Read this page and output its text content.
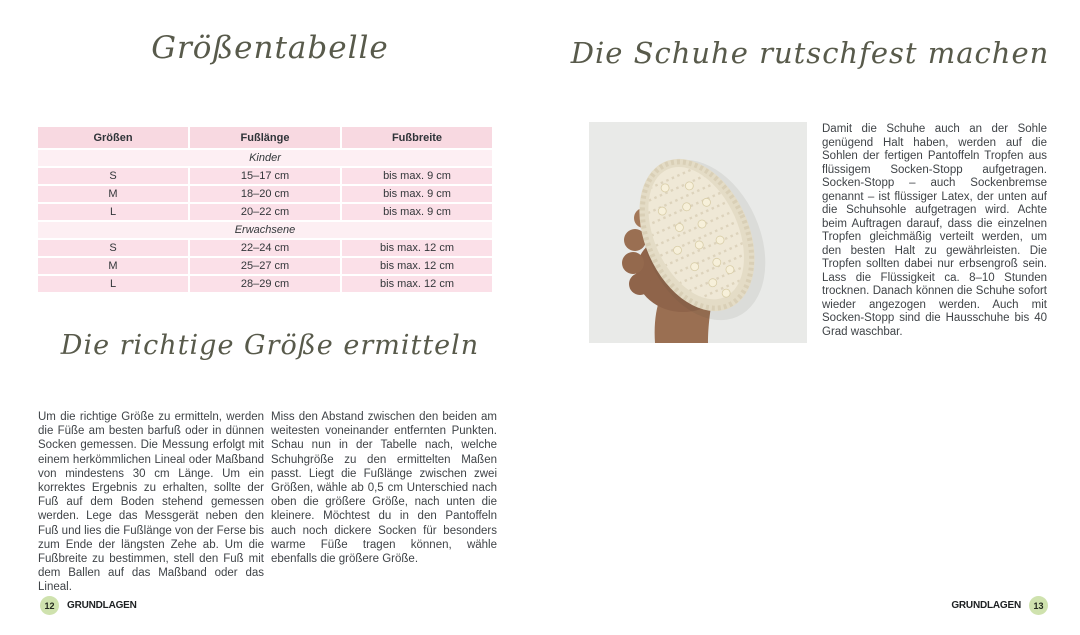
Größentabelle
Größen	Fußlänge	Fußbreite
Kinder
S	15–17 cm	bis max. 9 cm
M	18–20 cm	bis max. 9 cm
L	20–22 cm	bis max. 9 cm
Erwachsene
S	22–24 cm	bis max. 12 cm
M	25–27 cm	bis max. 12 cm
L	28–29 cm	bis max. 12 cm
Die richtige Größe ermitteln

Um die richtige Größe zu ermitteln, werden die Füße am besten barfuß oder in dünnen Socken gemessen. Die Messung erfolgt mit einem herkömmlichen Lineal oder Maßband von mindestens 30 cm Länge. Um ein korrektes Ergebnis zu erhalten, sollte der Fuß auf dem Boden stehend gemessen werden. Lege das Messgerät neben den Fuß und lies die Fußlänge von der Ferse bis zum Ende der längsten Zehe ab. Um die Fußbreite zu bestimmen, stell den Fuß mit dem Ballen auf das Maßband oder das Lineal.

Miss den Abstand zwischen den beiden am weitesten voneinander entfernten Punkten. Schau nun in der Tabelle nach, welche Schuhgröße zu den ermittelten Maßen passt. Liegt die Fußlänge zwischen zwei Größen, wähle ab 0,5 cm Unterschied nach oben die größere Größe, nach unten die kleinere. Möchtest du in den Pantoffeln auch noch dickere Socken für besonders warme Füße tragen können, wähle ebenfalls die größere Größe.

12	GRUNDLAGEN
Die Schuhe rutschfest machen

Damit die Schuhe auch an der Sohle genügend Halt haben, werden auf die Sohlen der fertigen Pantoffeln Tropfen aus flüssigem Socken-Stopp aufgetragen. Socken-Stopp – auch Sockenbremse genannt – ist flüssiger Latex, der unten auf die Schuhsohle aufgetragen wird. Achte beim Auftragen darauf, dass die einzelnen Tropfen gleichmäßig verteilt werden, um den besten Halt zu gewährleisten. Die Tropfen sollten dabei nur erbsengroß sein. Lass die Flüssigkeit ca. 8–10 Stunden trocknen. Danach können die Schuhe sofort wieder angezogen werden. Auch mit Socken-Stopp sind die Hausschuhe bis 40 Grad waschbar.

GRUNDLAGEN	13
